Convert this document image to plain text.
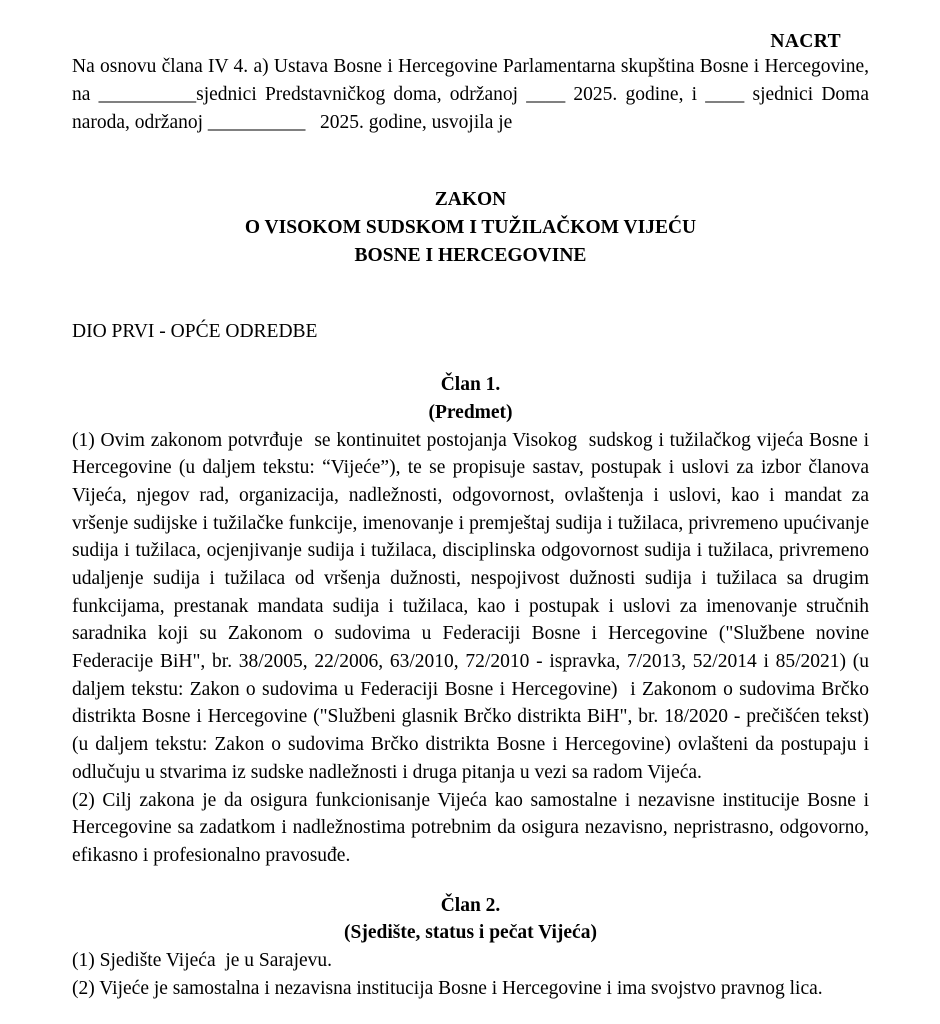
NACRT

Na osnovu člana IV 4. a) Ustava Bosne i Hercegovine Parlamentarna skupština Bosne i Hercegovine, na __________sjednici Predstavničkog doma, održanoj ____ 2025. godine, i ____ sjednici Doma naroda, održanoj __________   2025. godine, usvojila je

ZAKON
O VISOKOM SUDSKOM I TUŽILAČKOM VIJEĆU
BOSNE I HERCEGOVINE
DIO PRVI - OPĆE ODREDBE
Član 1.
(Predmet)

(1) Ovim zakonom potvrđuje  se kontinuitet postojanja Visokog  sudskog i tužilačkog vijeća Bosne i Hercegovine (u daljem tekstu: “Vijeće”), te se propisuje sastav, postupak i uslovi za izbor članova Vijeća, njegov rad, organizacija, nadležnosti, odgovornost, ovlaštenja i uslovi, kao i mandat za vršenje sudijske i tužilačke funkcije, imenovanje i premještaj sudija i tužilaca, privremeno upućivanje sudija i tužilaca, ocjenjivanje sudija i tužilaca, disciplinska odgovornost sudija i tužilaca, privremeno udaljenje sudija i tužilaca od vršenja dužnosti, nespojivost dužnosti sudija i tužilaca sa drugim funkcijama, prestanak mandata sudija i tužilaca, kao i postupak i uslovi za imenovanje stručnih saradnika koji su Zakonom o sudovima u Federaciji Bosne i Hercegovine ("Službene novine Federacije BiH", br. 38/2005, 22/2006, 63/2010, 72/2010 - ispravka, 7/2013, 52/2014 i 85/2021) (u daljem tekstu: Zakon o sudovima u Federaciji Bosne i Hercegovine)  i Zakonom o sudovima Brčko distrikta Bosne i Hercegovine ("Službeni glasnik Brčko distrikta BiH", br. 18/2020 - prečišćen tekst)  (u daljem tekstu: Zakon o sudovima Brčko distrikta Bosne i Hercegovine) ovlašteni da postupaju i odlučuju u stvarima iz sudske nadležnosti i druga pitanja u vezi sa radom Vijeća.

(2) Cilj zakona je da osigura funkcionisanje Vijeća kao samostalne i nezavisne institucije Bosne i Hercegovine sa zadatkom i nadležnostima potrebnim da osigura nezavisno, nepristrasno, odgovorno, efikasno i profesionalno pravosuđe.

Član 2.
(Sjedište, status i pečat Vijeća)

(1) Sjedište Vijeća  je u Sarajevu.

(2) Vijeće je samostalna i nezavisna institucija Bosne i Hercegovine i ima svojstvo pravnog lica.
